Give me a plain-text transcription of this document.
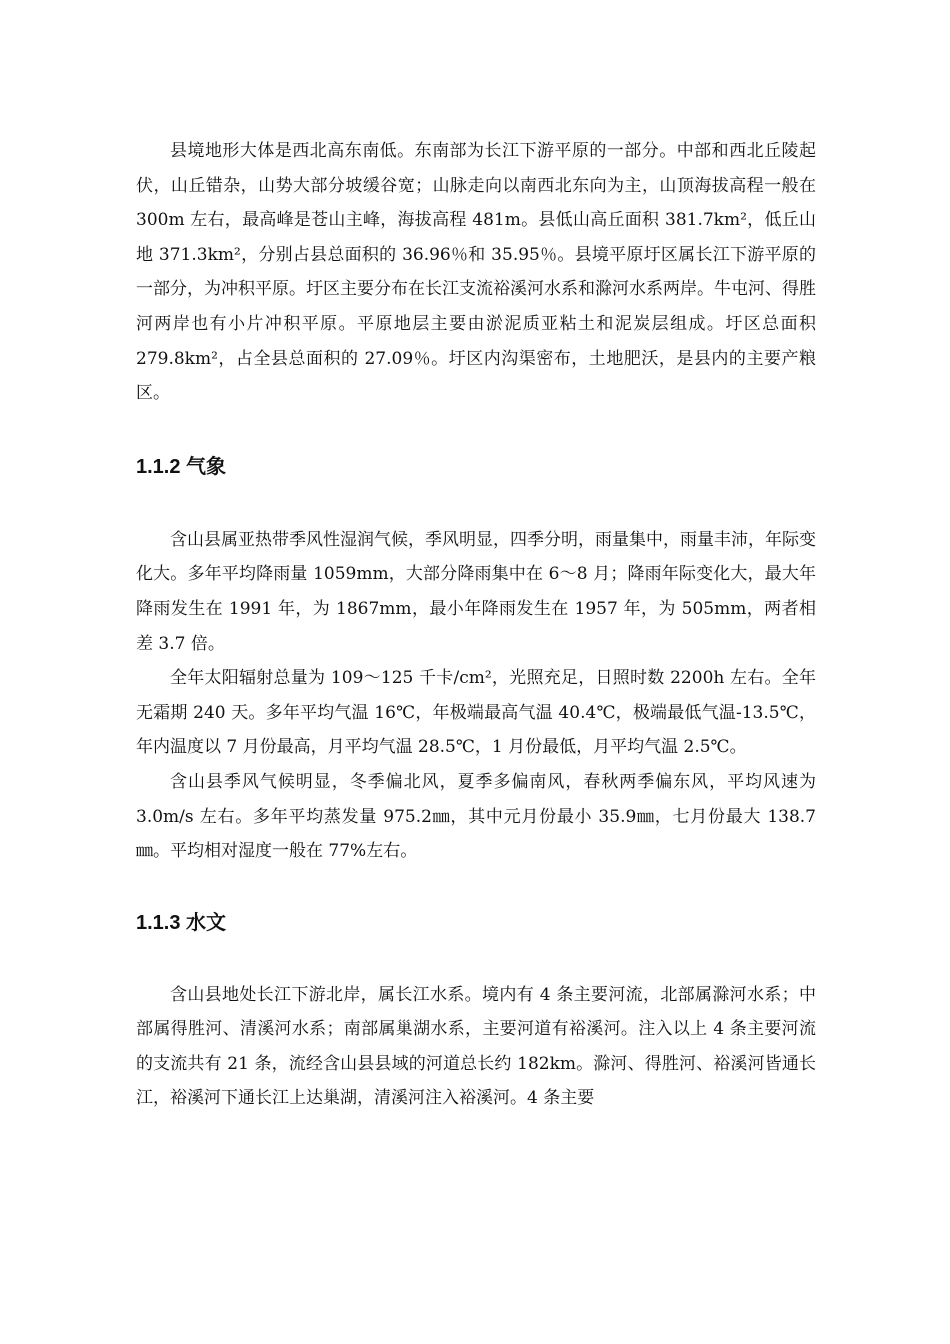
县境地形大体是西北高东南低。东南部为长江下游平原的一部分。中部和西北丘陵起伏，山丘错杂，山势大部分坡缓谷宽；山脉走向以南西北东向为主，山顶海拔高程一般在 300m 左右，最高峰是苍山主峰，海拔高程 481m。县低山高丘面积 381.7km²，低丘山地 371.3km²，分别占县总面积的 36.96％和 35.95％。县境平原圩区属长江下游平原的一部分，为冲积平原。圩区主要分布在长江支流裕溪河水系和滁河水系两岸。牛屯河、得胜河两岸也有小片冲积平原。平原地层主要由淤泥质亚粘土和泥炭层组成。圩区总面积 279.8km²，占全县总面积的 27.09％。圩区内沟渠密布，土地肥沃，是县内的主要产粮区。

1.1.2 气象

含山县属亚热带季风性湿润气候，季风明显，四季分明，雨量集中，雨量丰沛，年际变化大。多年平均降雨量 1059mm，大部分降雨集中在 6～8 月；降雨年际变化大，最大年降雨发生在 1991 年，为 1867mm，最小年降雨发生在 1957 年，为 505mm，两者相差 3.7 倍。

全年太阳辐射总量为 109～125 千卡/cm²，光照充足，日照时数 2200h 左右。全年无霜期 240 天。多年平均气温 16℃，年极端最高气温 40.4℃，极端最低气温-13.5℃，年内温度以 7 月份最高，月平均气温 28.5℃，1 月份最低，月平均气温 2.5℃。

含山县季风气候明显，冬季偏北风，夏季多偏南风，春秋两季偏东风，平均风速为 3.0m/s 左右。多年平均蒸发量 975.2㎜，其中元月份最小 35.9㎜，七月份最大 138.7㎜。平均相对湿度一般在 77%左右。

1.1.3 水文

含山县地处长江下游北岸，属长江水系。境内有 4 条主要河流，北部属滁河水系；中部属得胜河、清溪河水系；南部属巢湖水系，主要河道有裕溪河。注入以上 4 条主要河流的支流共有 21 条，流经含山县县域的河道总长约 182km。滁河、得胜河、裕溪河皆通长江，裕溪河下通长江上达巢湖，清溪河注入裕溪河。4 条主要
